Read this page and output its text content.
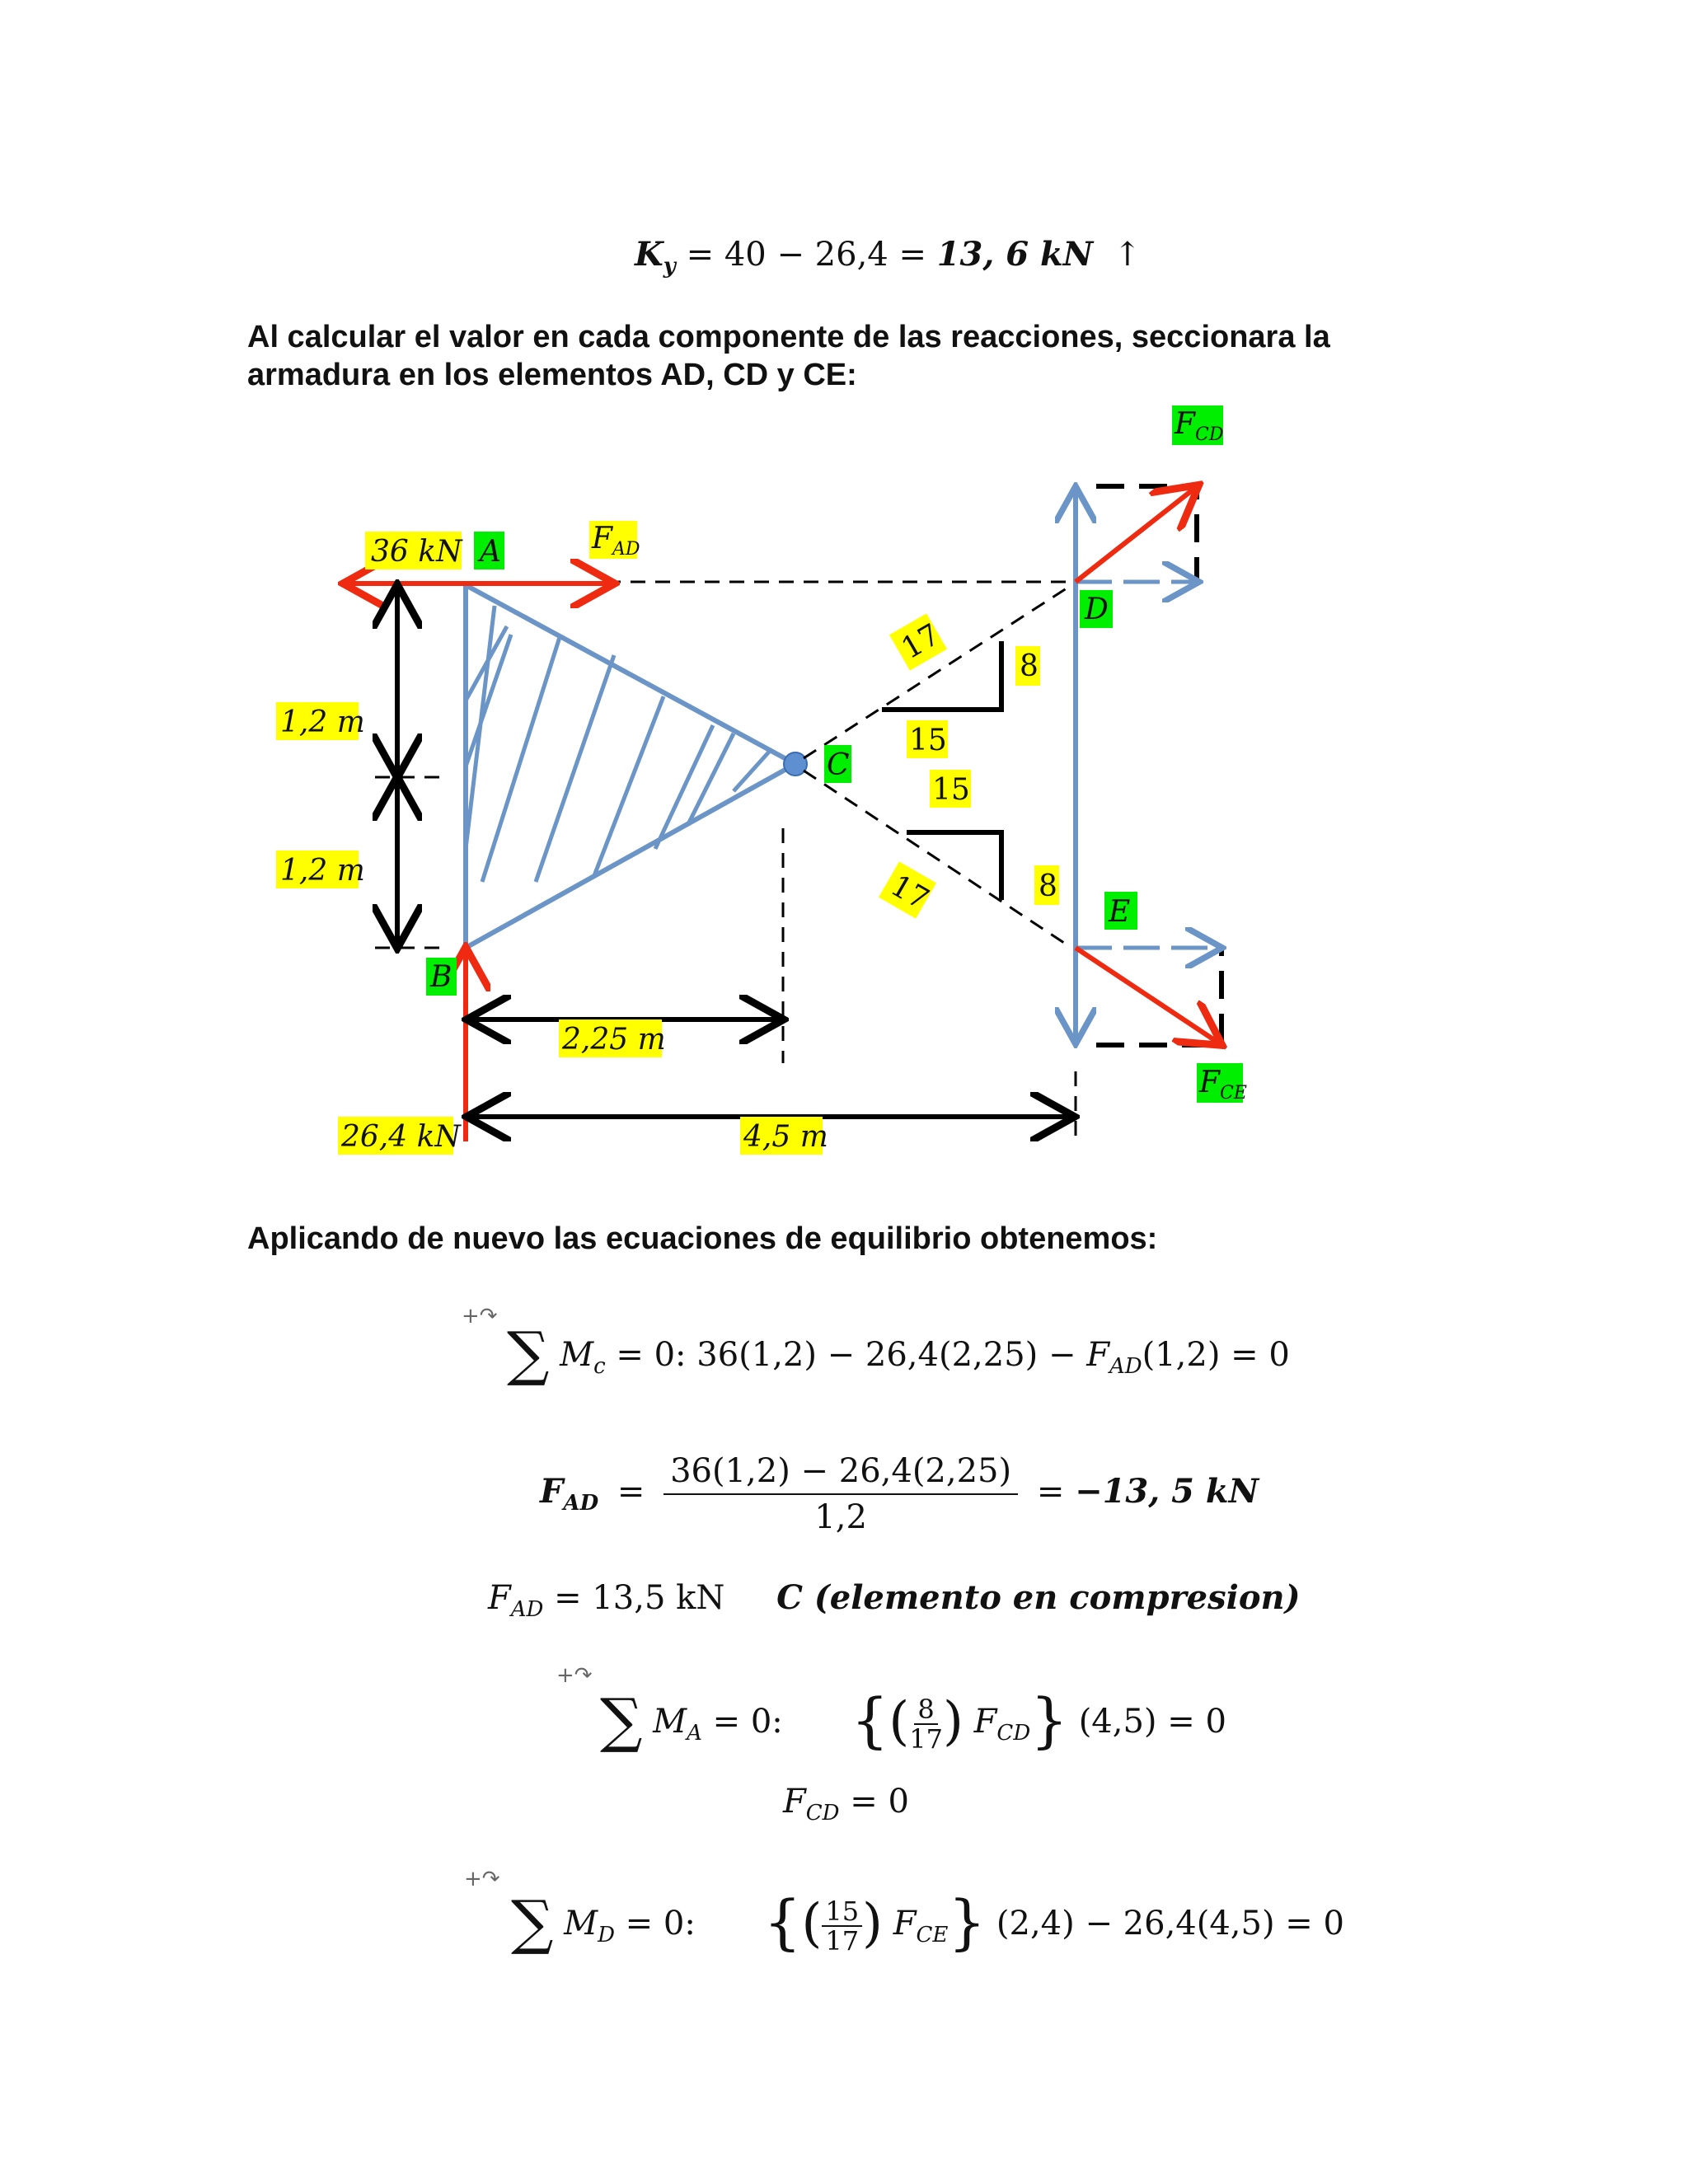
$K_y = 40 - 26,4 = 13$, 6 kN ↑
Al calcular el valor en cada componente de las reacciones, seccionara la armadura en los elementos AD, CD y CE:
36 kN A	$F_{AD}$
$F_{CD}$
D
8
15
C
15
8
E
$F_{CE}$
1,2 m
1,2 m
B
2,25 m
26,4 kN	4,5 m
17
17
Aplicando de nuevo las ecuaciones de equilibrio obtenemos:
+↷
∑ $M_c = 0$: $36(1,2) - 26,4(2,25) - F_{AD}(1,2) = 0$
$F_{AD} = \frac{36(1,2) - 26,4(2,25)}{1,2} = -13$, 5 kN
$F_{AD} = 13,5$ kN C (elemento en compresion)
+↷
∑ $M_A = 0$: {( $\frac{8}{17}$ ) $F_{CD}$} (4,5) = 0
$F_{CD} = 0$
+↷
∑ $M_D = 0$: {( $\frac{15}{17}$ ) $F_{CE}$} (2,4) − 26,4(4,5) = 0
